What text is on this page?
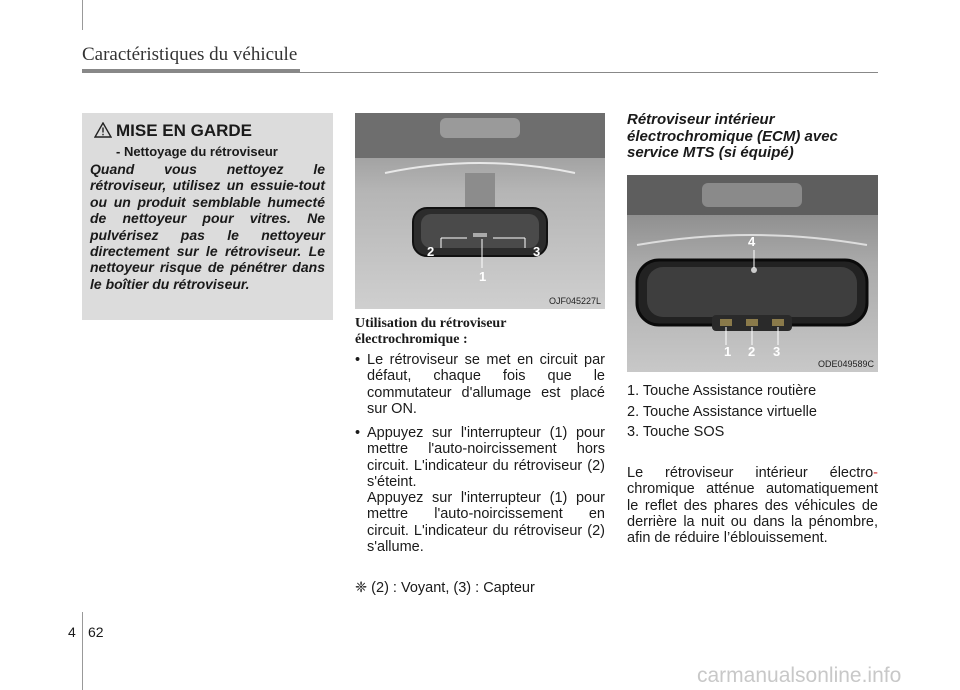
Caractéristiques du véhicule
MISE EN GARDE
- Nettoyage du rétroviseur
Quand vous nettoyez le rétroviseur, utilisez un essuie-tout ou un produit semblable humecté de nettoyeur pour vitres. Ne pulvérisez pas le nettoyeur directement sur le rétroviseur. Le nettoyeur risque de pénétrer dans le boîtier du rétroviseur.
2	3
1
OJF045227L
Utilisation du rétroviseur électrochromique :
• Le rétroviseur se met en circuit par défaut, chaque fois que le commutateur d'allumage est placé sur ON.
• Appuyez sur l'interrupteur (1) pour mettre l'auto-noircissement hors circuit. L'indicateur du rétroviseur (2) s'éteint.
Appuyez sur l'interrupteur (1) pour mettre l'auto-noircissement en circuit. L'indicateur du rétroviseur (2) s'allume.
❈ (2) : Voyant, (3) : Capteur
Rétroviseur intérieur électrochromique (ECM) avec service MTS (si équipé)
4
1 2 3
ODE049589C
1. Touche Assistance routière
2. Touche Assistance virtuelle
3. Touche SOS
Le rétroviseur intérieur électro- chromique atténue automatiquement le reflet des phares des véhicules de derrière la nuit ou dans la pénombre, afin de réduire l’éblouissement.
4 62
carmanualsonline.info
